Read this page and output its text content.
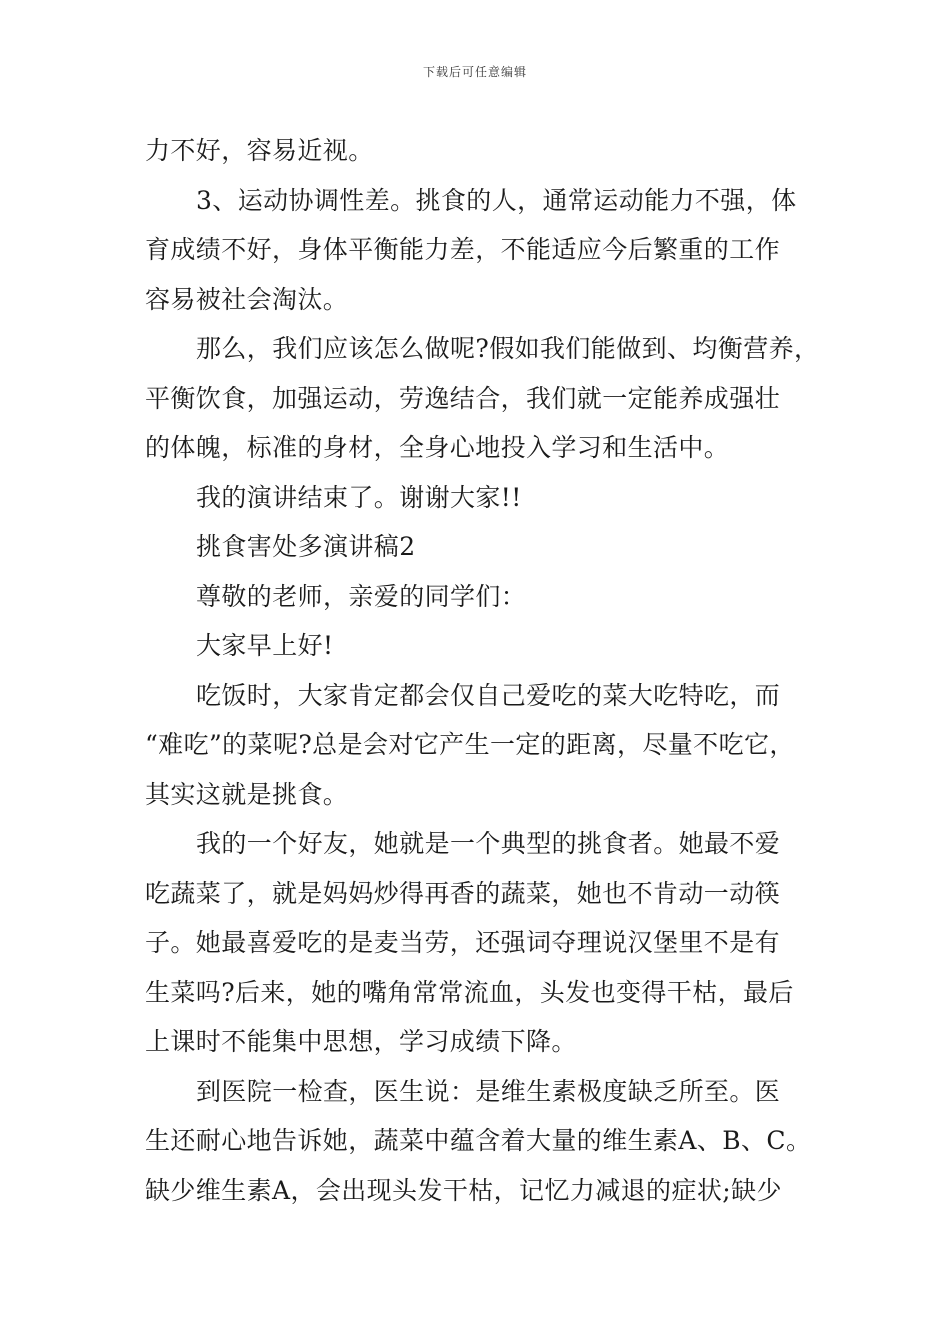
下载后可任意编辑
力不好，容易近视。
3、运动协调性差。挑食的人，通常运动能力不强，体
育成绩不好，身体平衡能力差，不能适应今后繁重的工作
容易被社会淘汰。
那么，我们应该怎么做呢?假如我们能做到、均衡营养，
平衡饮食，加强运动，劳逸结合，我们就一定能养成强壮
的体魄，标准的身材，全身心地投入学习和生活中。
我的演讲结束了。谢谢大家!!
挑食害处多演讲稿2
尊敬的老师，亲爱的同学们：
大家早上好!
吃饭时，大家肯定都会仅自己爱吃的菜大吃特吃，而
“难吃”的菜呢?总是会对它产生一定的距离，尽量不吃它，
其实这就是挑食。
我的一个好友，她就是一个典型的挑食者。她最不爱
吃蔬菜了，就是妈妈炒得再香的蔬菜，她也不肯动一动筷
子。她最喜爱吃的是麦当劳，还强词夺理说汉堡里不是有
生菜吗?后来，她的嘴角常常流血，头发也变得干枯，最后
上课时不能集中思想，学习成绩下降。
到医院一检查，医生说：是维生素极度缺乏所至。医
生还耐心地告诉她，蔬菜中蕴含着大量的维生素A、B、C。
缺少维生素A，会出现头发干枯，记忆力减退的症状;缺少
